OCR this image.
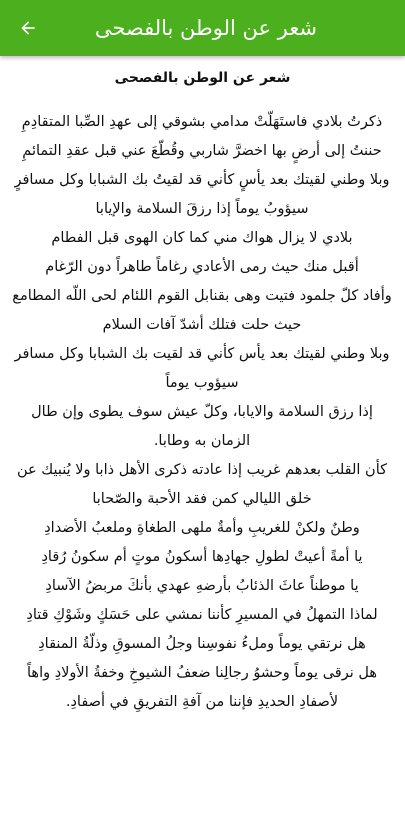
شعر عن الوطن بالفصحى
شعر عن الوطن بالفصحى
ذكرتُ بلادي فاستَهَلّتْ مدامي بشوقي إلى عهدِ الصِّبا المتقادِمِ
حننتُ إلى أرضٍ بها اخضرَّ شاربي وقُطّعَ عني قبل عقدِ التمائمِ
وبلا وطني لقيتك بعد يأسٍ كأني قد لقيتُ بك الشبابا وكل مسافرٍ سيؤوبُ يوماً إذا رزقَ السلامة والإيابا
بلادي لا يزال هواك مني كما كان الهوى قبل الفطام
أقبل منك حيث رمى الأعادي رغاماً طاهراً دون الرّغام
وأفاد كلّ جلمود فتيت وهى بقنابل القوم اللئام لحى اللّه المطامع حيث حلت فتلك أشدّ آفات السلام
وبلا وطني لقيتك بعد يأس كأني قد لقيت بك الشبابا وكل مسافر سيؤوب يوماً
إذا رزق السلامة والايابا، وكلّ عيش سوف يطوى وإن طال الزمان به وطابا.
كأن القلب بعدهم غريب إذا عادته ذكرى الأهل ذابا ولا يُنبيك عن خلق الليالي كمن فقد الأحبة والصّحابا
وطنٌ ولكنْ للغريبِ وأمةٌ ملهى الطغاةِ وملعبُ الأضدادِ
يا أمةً أعيتْ لطولِ جهادِها أسكونُ موتٍ أم سكونُ رُقادِ
يا موطناً عاثَ الذئابُ بأرضهِ عهدي بأنكَ مربضُ الآسادِ
لماذا التمهلُ في المسيرِ كأننا نمشي على حَسَكٍ وشَوْكِ قتادِ
هل نرتقي يوماً وملءُ نفوسِنا وجلُ المسوقِ وذلّةُ المنقادِ
هل نرقى يوماً وحشوُ رجالِنا ضعفُ الشيوخِ وخفةُ الأولادِ واهاً لأصفادِ الحديدِ فإننا من آفةِ التفريقِ في أصفادِ.
